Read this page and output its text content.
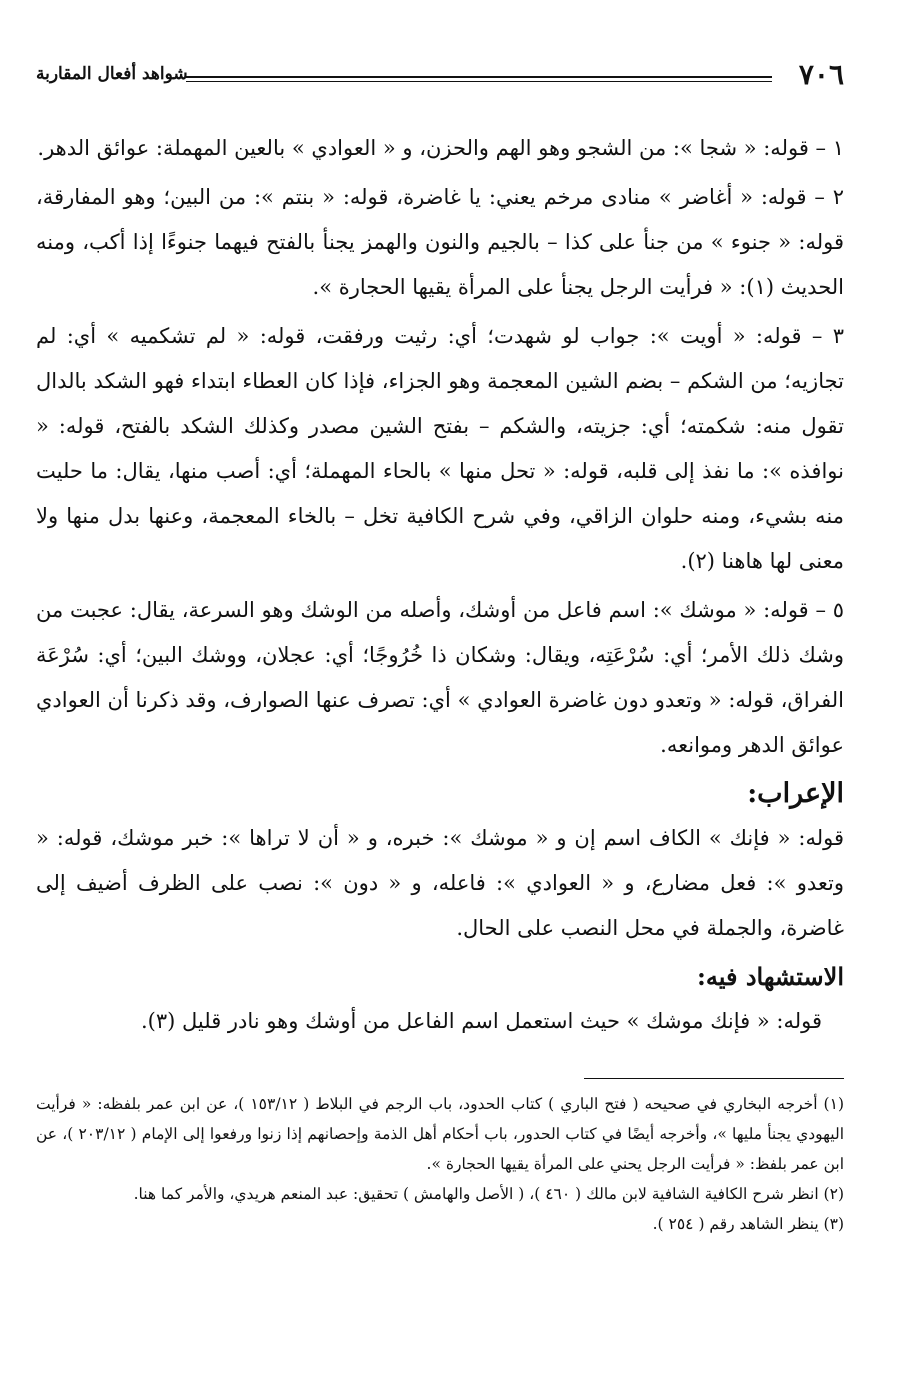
٧٠٦
شواهد أفعال المقاربة

١ – قوله: « شجا »: من الشجو وهو الهم والحزن، و « العوادي » بالعين المهملة: عوائق الدهر.

٢ – قوله: « أغاضر » منادى مرخم يعني: يا غاضرة، قوله: « بنتم »: من البين؛ وهو المفارقة، قوله: « جنوء » من جنأ على كذا – بالجيم والنون والهمز يجنأ بالفتح فيهما جنوءًا إذا أكب، ومنه الحديث (١): « فرأيت الرجل يجنأ على المرأة يقيها الحجارة ».

٣ – قوله: « أويت »: جواب لو شهدت؛ أي: رثيت ورفقت، قوله: « لم تشكميه » أي: لم تجازيه؛ من الشكم – بضم الشين المعجمة وهو الجزاء، فإذا كان العطاء ابتداء فهو الشكد بالدال تقول منه: شكمته؛ أي: جزيته، والشكم – بفتح الشين مصدر وكذلك الشكد بالفتح، قوله: « نوافذه »: ما نفذ إلى قلبه، قوله: « تحل منها » بالحاء المهملة؛ أي: أصب منها، يقال: ما حليت منه بشيء، ومنه حلوان الزاقي، وفي شرح الكافية تخل – بالخاء المعجمة، وعنها بدل منها ولا معنى لها هاهنا (٢).

٥ – قوله: « موشك »: اسم فاعل من أوشك، وأصله من الوشك وهو السرعة، يقال: عجبت من وشك ذلك الأمر؛ أي: سُرْعَتِه، ويقال: وشكان ذا خُرُوجًا؛ أي: عجلان، ووشك البين؛ أي: سُرْعَة الفراق، قوله: « وتعدو دون غاضرة العوادي » أي: تصرف عنها الصوارف، وقد ذكرنا أن العوادي عوائق الدهر وموانعه.

الإعراب:

قوله: « فإنك » الكاف اسم إن و « موشك »: خبره، و « أن لا تراها »: خبر موشك، قوله: « وتعدو »: فعل مضارع، و « العوادي »: فاعله، و « دون »: نصب على الظرف أضيف إلى غاضرة، والجملة في محل النصب على الحال.

الاستشهاد فيه:

قوله: « فإنك موشك » حيث استعمل اسم الفاعل من أوشك وهو نادر قليل (٣).

(١) أخرجه البخاري في صحيحه ( فتح الباري ) كتاب الحدود، باب الرجم في البلاط ( ١٥٣/١٢ )، عن ابن عمر بلفظه: « فرأيت اليهودي يجنأ مليها »، وأخرجه أيضًا في كتاب الحدور، باب أحكام أهل الذمة وإحصانهم إذا زنوا ورفعوا إلى الإمام ( ٢٠٣/١٢ )، عن ابن عمر بلفظ: « فرأيت الرجل يحني على المرأة يقيها الحجارة ».

(٢) انظر شرح الكافية الشافية لابن مالك ( ٤٦٠ )، ( الأصل والهامش ) تحقيق: عبد المنعم هريدي، والأمر كما هنا.

(٣) ينظر الشاهد رقم ( ٢٥٤ ).
